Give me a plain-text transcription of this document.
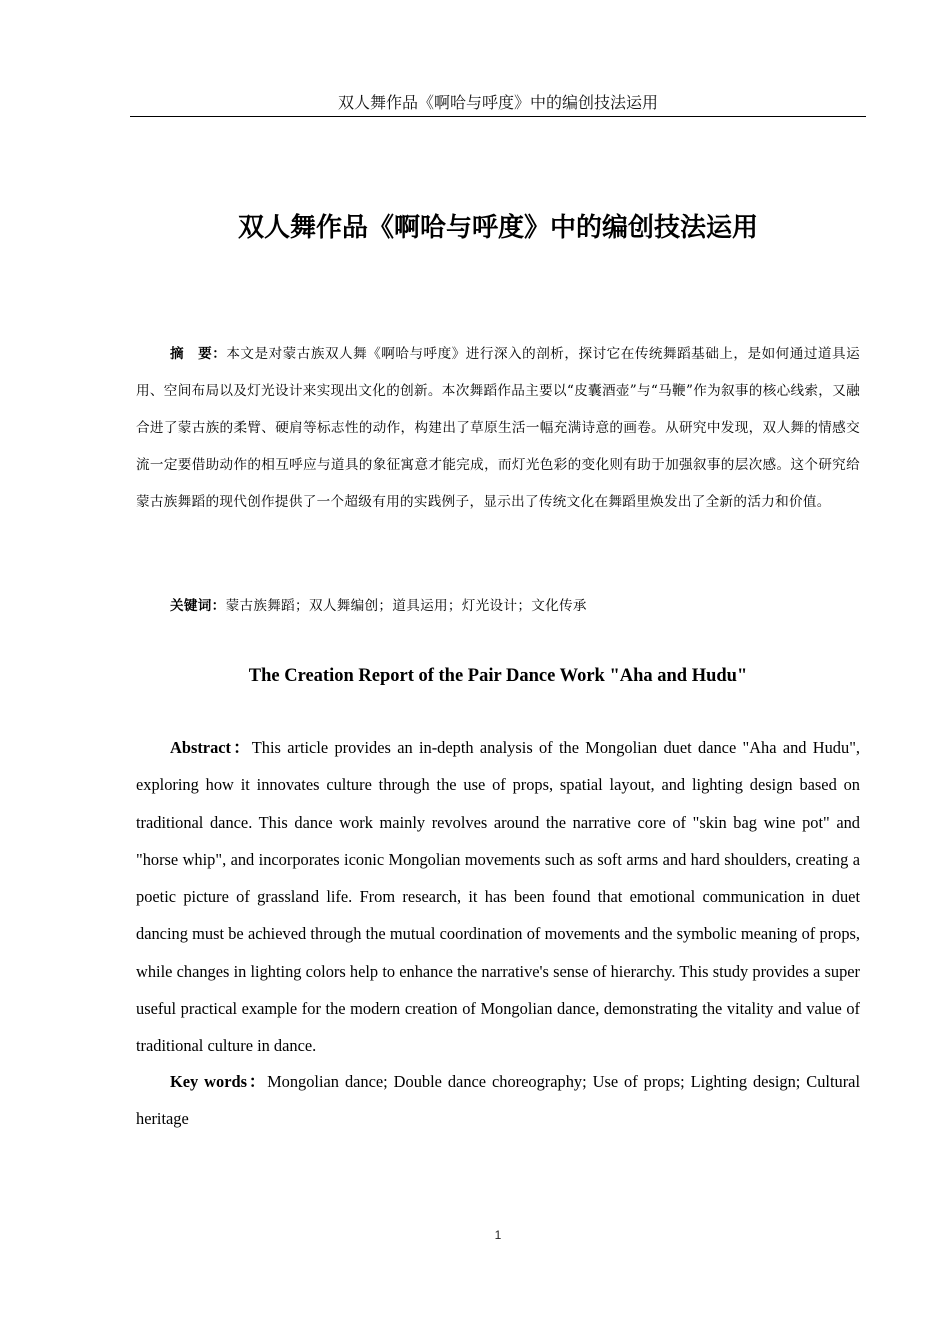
双人舞作品《啊哈与呼度》中的编创技法运用
双人舞作品《啊哈与呼度》中的编创技法运用

摘　要：本文是对蒙古族双人舞《啊哈与呼度》进行深入的剖析，探讨它在传统舞蹈基础上，是如何通过道具运用、空间布局以及灯光设计来实现出文化的创新。本次舞蹈作品主要以“皮囊酒壶”与“马鞭”作为叙事的核心线索，又融合进了蒙古族的柔臂、硬肩等标志性的动作，构建出了草原生活一幅充满诗意的画卷。从研究中发现，双人舞的情感交流一定要借助动作的相互呼应与道具的象征寓意才能完成，而灯光色彩的变化则有助于加强叙事的层次感。这个研究给蒙古族舞蹈的现代创作提供了一个超级有用的实践例子，显示出了传统文化在舞蹈里焕发出了全新的活力和价值。

关键词：蒙古族舞蹈；双人舞编创；道具运用；灯光设计；文化传承

The Creation Report of the Pair Dance Work "Aha and Hudu"

Abstract：This article provides an in-depth analysis of the Mongolian duet dance "Aha and Hudu", exploring how it innovates culture through the use of props, spatial layout, and lighting design based on traditional dance. This dance work mainly revolves around the narrative core of "skin bag wine pot" and "horse whip", and incorporates iconic Mongolian movements such as soft arms and hard shoulders, creating a poetic picture of grassland life. From research, it has been found that emotional communication in duet dancing must be achieved through the mutual coordination of movements and the symbolic meaning of props, while changes in lighting colors help to enhance the narrative's sense of hierarchy. This study provides a super useful practical example for the modern creation of Mongolian dance, demonstrating the vitality and value of traditional culture in dance.

Key words：Mongolian dance; Double dance choreography; Use of props; Lighting design; Cultural heritage

1
